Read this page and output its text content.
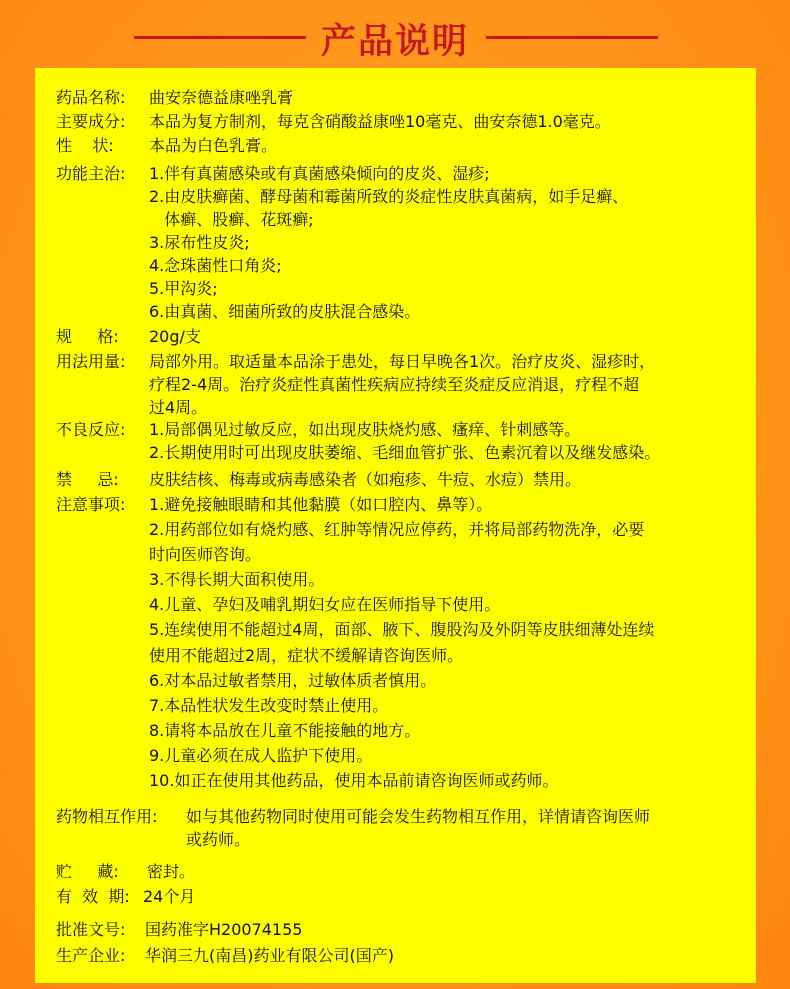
产品说明
药品名称: 曲安奈德益康唑乳膏
主要成分: 本品为复方制剂，每克含硝酸益康唑10毫克、曲安奈德1.0毫克。
性    状: 本品为白色乳膏。
功能主治: 1.伴有真菌感染或有真菌感染倾向的皮炎、湿疹;
2.由皮肤癣菌、酵母菌和霉菌所致的炎症性皮肤真菌病，如手足癣、
体癣、股癣、花斑癣;
3.尿布性皮炎;
4.念珠菌性口角炎;
5.甲沟炎;
6.由真菌、细菌所致的皮肤混合感染。
规     格: 20g/支
用法用量: 局部外用。取适量本品涂于患处，每日早晚各1次。治疗皮炎、湿疹时，
疗程2-4周。治疗炎症性真菌性疾病应持续至炎症反应消退，疗程不超
过4周。
不良反应: 1.局部偶见过敏反应，如出现皮肤烧灼感、瘙痒、针刺感等。
2.长期使用时可出现皮肤萎缩、毛细血管扩张、色素沉着以及继发感染。
禁     忌: 皮肤结核、梅毒或病毒感染者（如疱疹、牛痘、水痘）禁用。
注意事项: 1.避免接触眼睛和其他黏膜（如口腔内、鼻等）。
2.用药部位如有烧灼感、红肿等情况应停药，并将局部药物洗净，必要
时向医师咨询。
3.不得长期大面积使用。
4.儿童、孕妇及哺乳期妇女应在医师指导下使用。
5.连续使用不能超过4周，面部、腋下、腹股沟及外阴等皮肤细薄处连续
使用不能超过2周，症状不缓解请咨询医师。
6.对本品过敏者禁用，过敏体质者慎用。
7.本品性状发生改变时禁止使用。
8.请将本品放在儿童不能接触的地方。
9.儿童必须在成人监护下使用。
10.如正在使用其他药品，使用本品前请咨询医师或药师。
药物相互作用: 如与其他药物同时使用可能会发生药物相互作用，详情请咨询医师
或药师。
贮     藏: 密封。
有  效  期: 24个月
批准文号: 国药准字H20074155
生产企业: 华润三九(南昌)药业有限公司(国产)
